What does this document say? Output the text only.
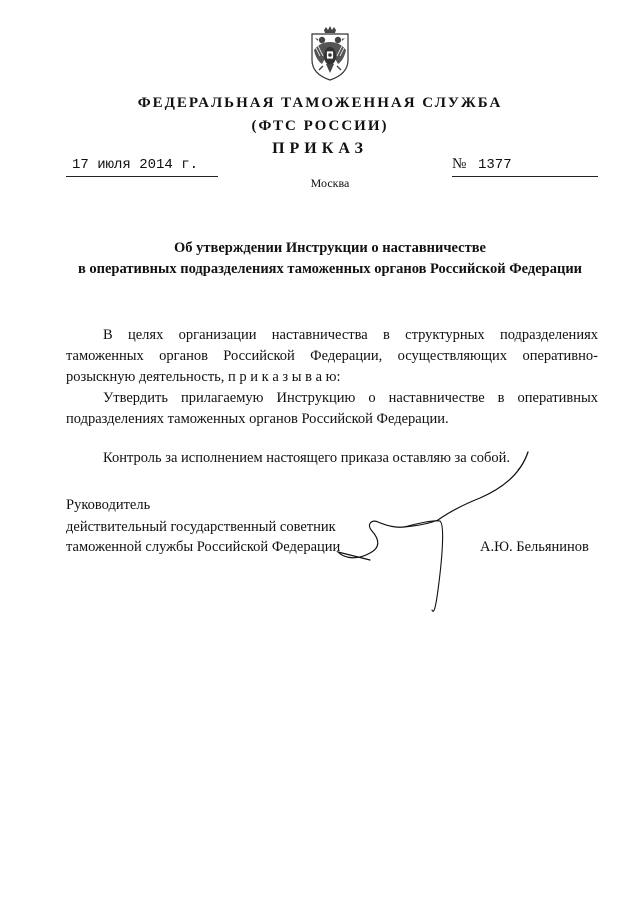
ФЕДЕРАЛЬНАЯ ТАМОЖЕННАЯ СЛУЖБА
(ФТС РОССИИ)
ПРИКАЗ
17 июля 2014 г.	№ 1377
Москва
Об утверждении Инструкции о наставничестве
в оперативных подразделениях таможенных органов Российской Федерации

В целях организации наставничества в структурных подразделениях таможенных органов Российской Федерации, осуществляющих оперативно-розыскную деятельность, п р и к а з ы в а ю:

Утвердить прилагаемую Инструкцию о наставничестве в оперативных подразделениях таможенных органов Российской Федерации.

Контроль за исполнением настоящего приказа оставляю за собой.

Руководитель
действительный государственный советник
таможенной службы Российской Федерации	А.Ю. Бельянинов
